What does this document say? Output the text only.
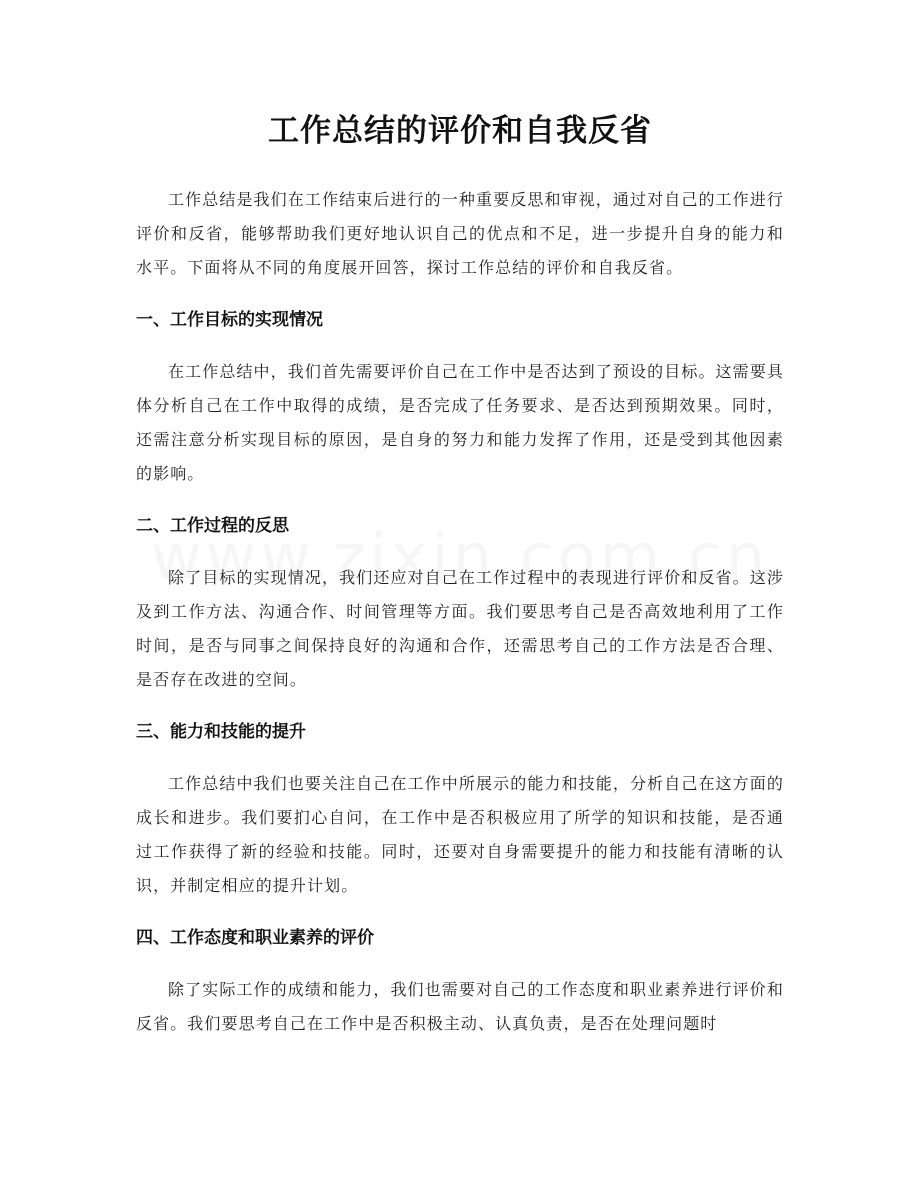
工作总结的评价和自我反省

工作总结是我们在工作结束后进行的一种重要反思和审视，通过对自己的工作进行评价和反省，能够帮助我们更好地认识自己的优点和不足，进一步提升自身的能力和水平。下面将从不同的角度展开回答，探讨工作总结的评价和自我反省。

一、工作目标的实现情况

在工作总结中，我们首先需要评价自己在工作中是否达到了预设的目标。这需要具体分析自己在工作中取得的成绩，是否完成了任务要求、是否达到预期效果。同时，还需注意分析实现目标的原因，是自身的努力和能力发挥了作用，还是受到其他因素的影响。

二、工作过程的反思

除了目标的实现情况，我们还应对自己在工作过程中的表现进行评价和反省。这涉及到工作方法、沟通合作、时间管理等方面。我们要思考自己是否高效地利用了工作时间，是否与同事之间保持良好的沟通和合作，还需思考自己的工作方法是否合理、是否存在改进的空间。

三、能力和技能的提升

工作总结中我们也要关注自己在工作中所展示的能力和技能，分析自己在这方面的成长和进步。我们要扪心自问，在工作中是否积极应用了所学的知识和技能，是否通过工作获得了新的经验和技能。同时，还要对自身需要提升的能力和技能有清晰的认识，并制定相应的提升计划。

四、工作态度和职业素养的评价

除了实际工作的成绩和能力，我们也需要对自己的工作态度和职业素养进行评价和反省。我们要思考自己在工作中是否积极主动、认真负责，是否在处理问题时
